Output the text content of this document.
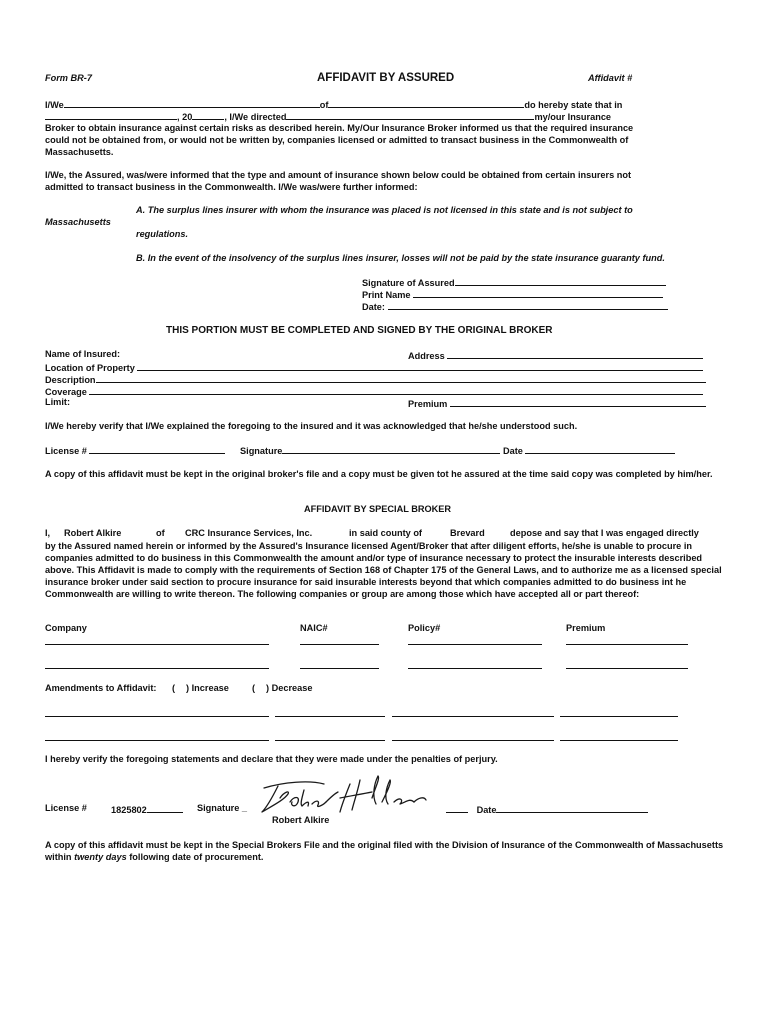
Form BR-7	AFFIDAVIT BY ASSURED	Affidavit #
I/We	of	do hereby state that in
, 20	, I/We directed	my/our Insurance
Broker to obtain insurance against certain risks as described herein. My/Our Insurance Broker informed us that the required insurance could not be obtained from, or would not be written by, companies licensed or admitted to transact business in the Commonwealth of Massachusetts.
I/We, the Assured, was/were informed that the type and amount of insurance shown below could be obtained from certain insurers not admitted to transact business in the Commonwealth. I/We was/were further informed:
A. The surplus lines insurer with whom the insurance was placed is not licensed in this state and is not subject to
Massachusetts
regulations.
B. In the event of the insolvency of the surplus lines insurer, losses will not be paid by the state insurance guaranty fund.
Signature of Assured
Print Name
Date:
THIS PORTION MUST BE COMPLETED AND SIGNED BY THE ORIGINAL BROKER
Name of Insured:	Address
Location of Property
Description
Coverage
Limit:	Premium
I/We hereby verify that I/We explained the foregoing to the insured and it was acknowledged that he/she understood such.
License #	Signature	Date
A copy of this affidavit must be kept in the original broker's file and a copy must be given tot he assured at the time said copy was completed by him/her.
AFFIDAVIT BY SPECIAL BROKER
I, Robert Alkire	of CRC Insurance Services, Inc.	in said county of	Brevard	depose and say that I was engaged directly
by the Assured named herein or informed by the Assured's Insurance licensed Agent/Broker that after diligent efforts, he/she is unable to procure in companies admitted to do business in this Commonwealth the amount and/or type of insurance necessary to protect the insurable interests described above. This Affidavit is made to comply with the requirements of Section 168 of Chapter 175 of the General Laws, and to authorize me as a licensed special insurance broker under said section to procure insurance for said insurable interests beyond that which companies admitted to do business int he Commonwealth are willing to write thereon. The following companies or group are among those which have accepted all or part thereof:
Company	NAIC#	Policy#	Premium
Amendments to Affidavit: ( ) Increase	( ) Decrease
I hereby verify the foregoing statements and declare that they were made under the penalties of perjury.
License #	1825802	Signature _	Date
Robert Alkire
A copy of this affidavit must be kept in the Special Brokers File and the original filed with the Division of Insurance of the Commonwealth of Massachusetts within twenty days following date of procurement.
